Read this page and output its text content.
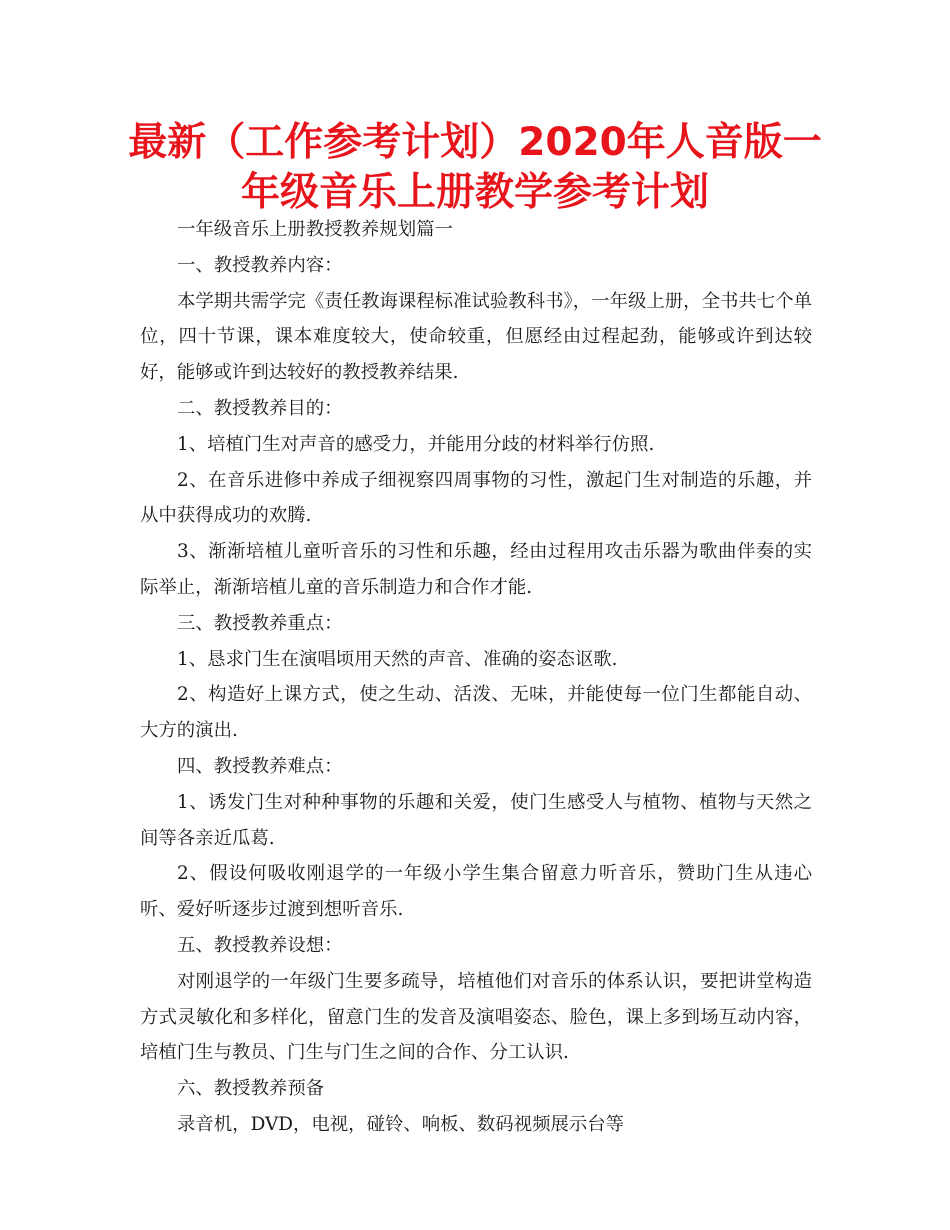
最新（工作参考计划）2020年人音版一年级音乐上册教学参考计划

一年级音乐上册教授教养规划篇一

一、教授教养内容：

本学期共需学完《责任教诲课程标准试验教科书》，一年级上册，全书共七个单位，四十节课，课本难度较大，使命较重，但愿经由过程起劲，能够或许到达较好，能够或许到达较好的教授教养结果.

二、教授教养目的：

1、培植门生对声音的感受力，并能用分歧的材料举行仿照.

2、在音乐进修中养成子细视察四周事物的习性，激起门生对制造的乐趣，并从中获得成功的欢腾.

3、渐渐培植儿童听音乐的习性和乐趣，经由过程用攻击乐器为歌曲伴奏的实际举止，渐渐培植儿童的音乐制造力和合作才能.

三、教授教养重点：

1、恳求门生在演唱顷用天然的声音、准确的姿态讴歌.

2、构造好上课方式，使之生动、活泼、无味，并能使每一位门生都能自动、大方的演出.

四、教授教养难点：

1、诱发门生对种种事物的乐趣和关爱，使门生感受人与植物、植物与天然之间等各亲近瓜葛.

2、假设何吸收刚退学的一年级小学生集合留意力听音乐，赞助门生从违心听、爱好听逐步过渡到想听音乐.

五、教授教养设想：

对刚退学的一年级门生要多疏导，培植他们对音乐的体系认识，要把讲堂构造方式灵敏化和多样化，留意门生的发音及演唱姿态、脸色，课上多到场互动内容，培植门生与教员、门生与门生之间的合作、分工认识.

六、教授教养预备

录音机，DVD，电视，碰铃、响板、数码视频展示台等
